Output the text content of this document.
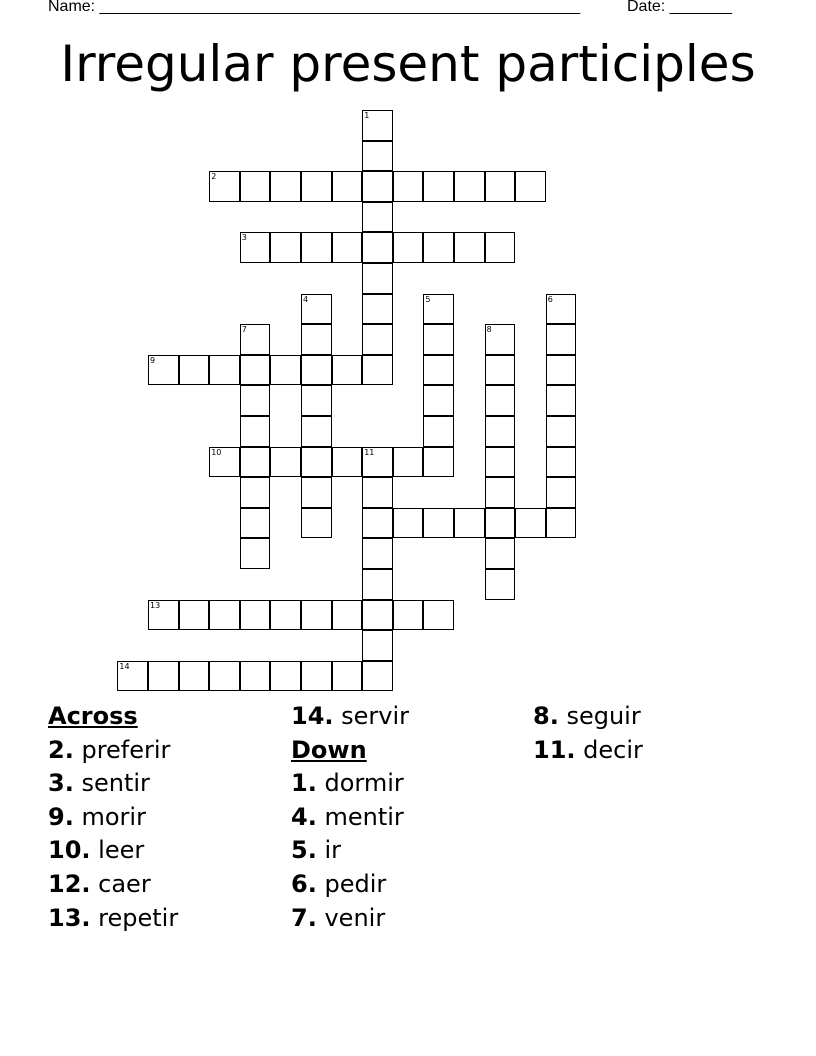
Name: ______________________________________________________	Date: _______
Irregular present participles
1
2
3
4	5	6
7	8
9
10	11
13
14
Across
2. preferir
3. sentir
9. morir
10. leer
12. caer
13. repetir
14. servir
Down
1. dormir
4. mentir
5. ir
6. pedir
7. venir
8. seguir
11. decir
